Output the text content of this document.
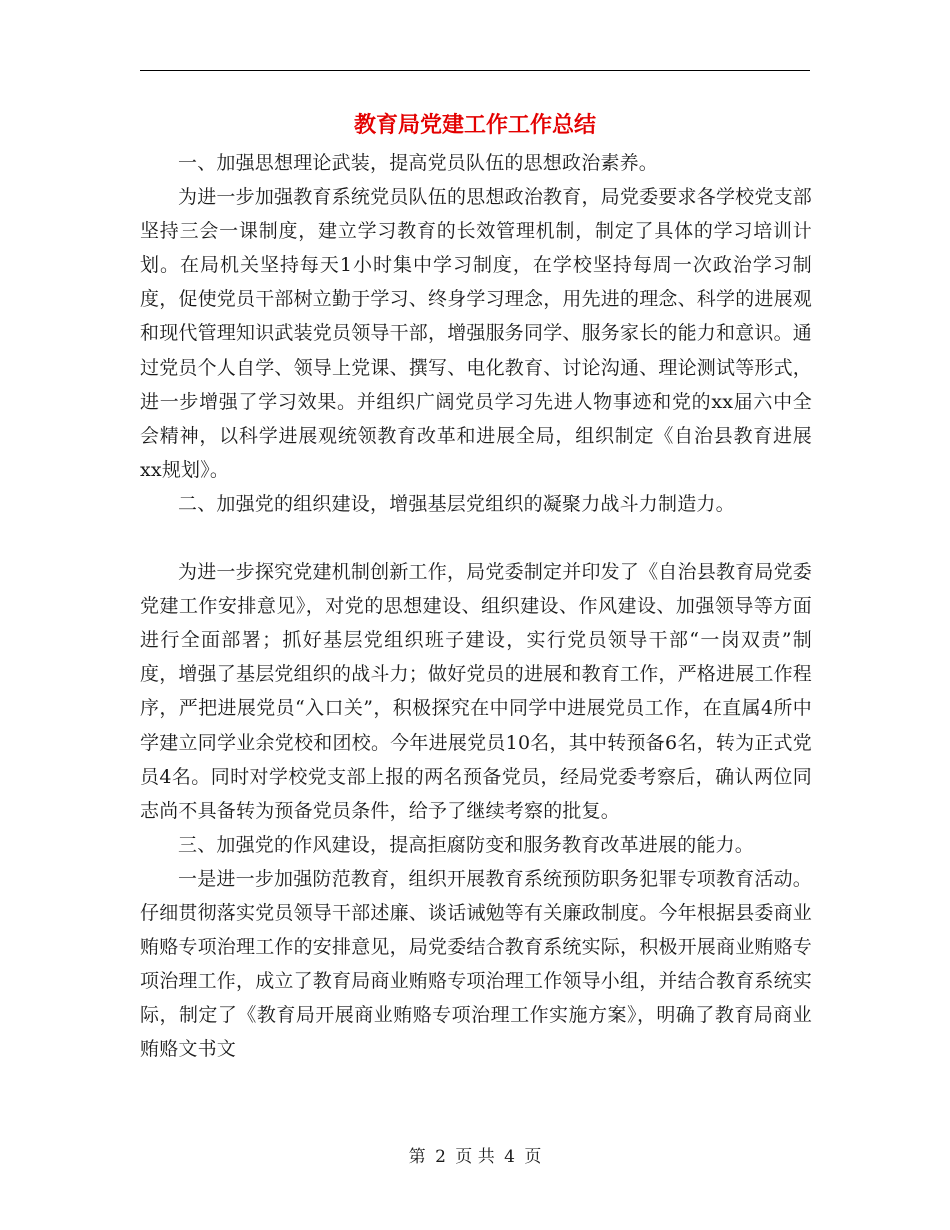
教育局党建工作工作总结

一、加强思想理论武装，提高党员队伍的思想政治素养。

为进一步加强教育系统党员队伍的思想政治教育，局党委要求各学校党支部坚持三会一课制度，建立学习教育的长效管理机制，制定了具体的学习培训计划。在局机关坚持每天1小时集中学习制度，在学校坚持每周一次政治学习制度，促使党员干部树立勤于学习、终身学习理念，用先进的理念、科学的进展观和现代管理知识武装党员领导干部，增强服务同学、服务家长的能力和意识。通过党员个人自学、领导上党课、撰写、电化教育、讨论沟通、理论测试等形式，进一步增强了学习效果。并组织广阔党员学习先进人物事迹和党的xx届六中全会精神，以科学进展观统领教育改革和进展全局，组织制定《自治县教育进展xx规划》。

二、加强党的组织建设，增强基层党组织的凝聚力战斗力制造力。

为进一步探究党建机制创新工作，局党委制定并印发了《自治县教育局党委党建工作安排意见》，对党的思想建设、组织建设、作风建设、加强领导等方面进行全面部署；抓好基层党组织班子建设，实行党员领导干部“一岗双责”制度，增强了基层党组织的战斗力；做好党员的进展和教育工作，严格进展工作程序，严把进展党员“入口关”，积极探究在中同学中进展党员工作，在直属4所中学建立同学业余党校和团校。今年进展党员10名，其中转预备6名，转为正式党员4名。同时对学校党支部上报的两名预备党员，经局党委考察后，确认两位同志尚不具备转为预备党员条件，给予了继续考察的批复。

三、加强党的作风建设，提高拒腐防变和服务教育改革进展的能力。

一是进一步加强防范教育，组织开展教育系统预防职务犯罪专项教育活动。仔细贯彻落实党员领导干部述廉、谈话诫勉等有关廉政制度。今年根据县委商业贿赂专项治理工作的安排意见，局党委结合教育系统实际，积极开展商业贿赂专项治理工作，成立了教育局商业贿赂专项治理工作领导小组，并结合教育系统实际，制定了《教育局开展商业贿赂专项治理工作实施方案》，明确了教育局商业贿赂文书文

第 2 页 共 4 页
